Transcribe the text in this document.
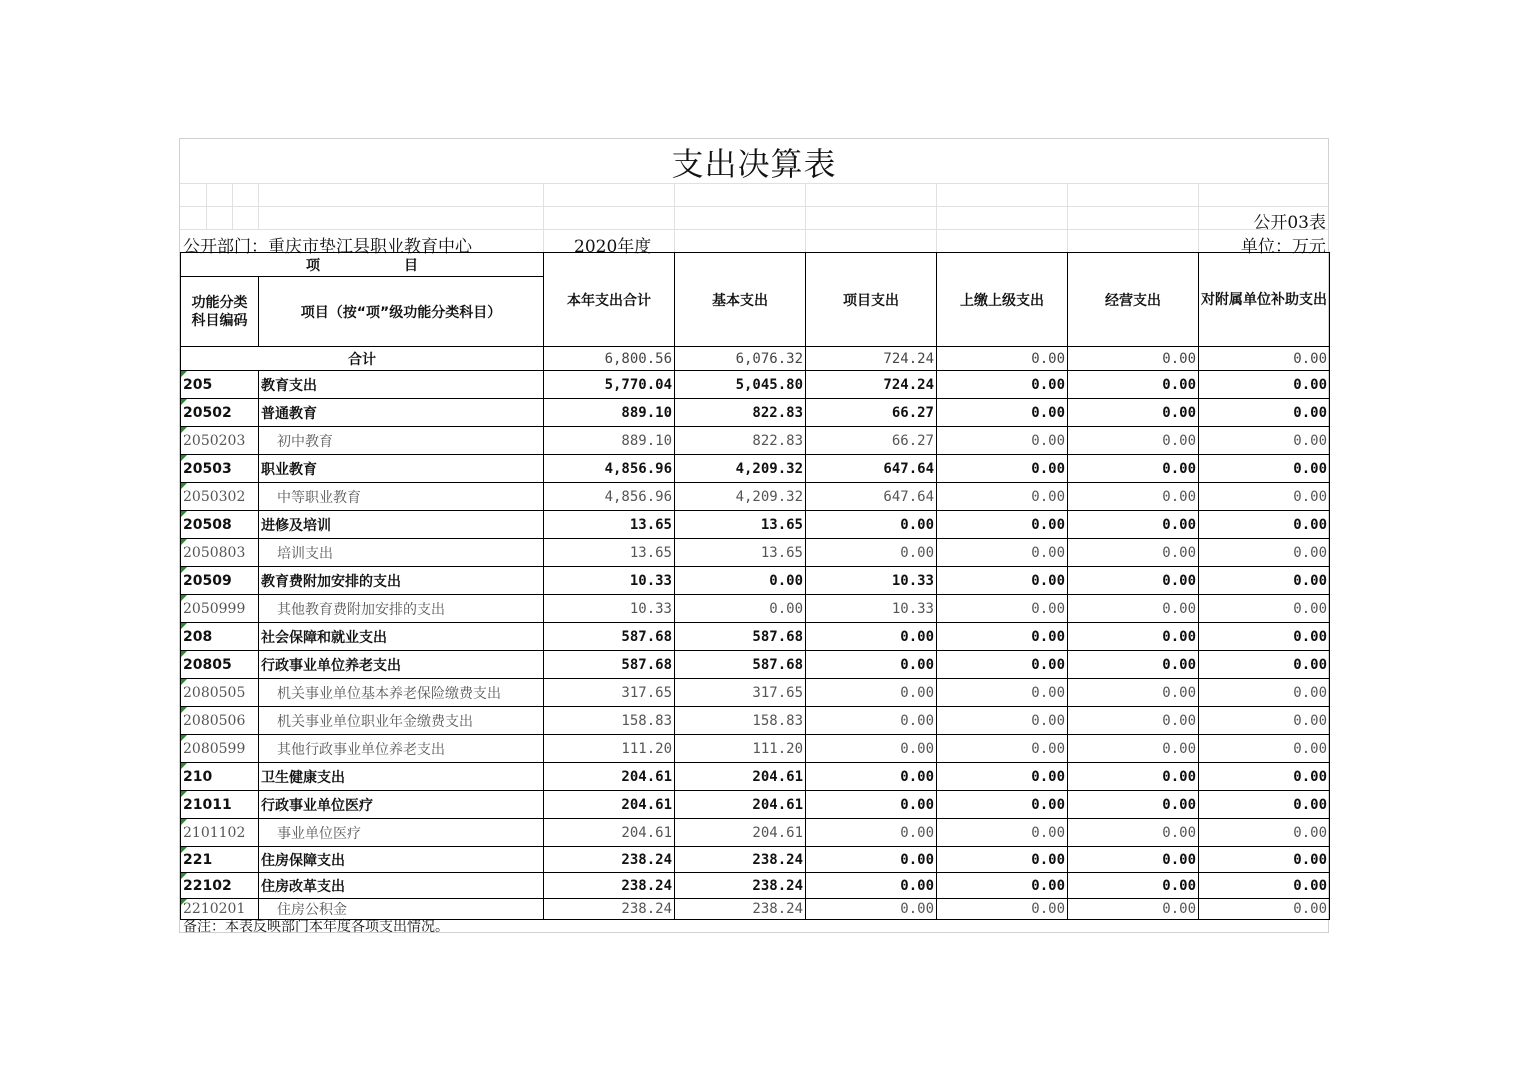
支出决算表
公开03表
公开部门：重庆市垫江县职业教育中心	2020年度	单位：万元
项　　　　　　目		本年支出合计	基本支出	项目支出	上缴上级支出	经营支出	对附属单位补助支出
功能分类科目编码	项目（按“项”级功能分类科目）						
合计		6,800.56	6,076.32	724.24	0.00	0.00	0.00

205	教育支出	5,770.04	5,045.80	724.24	0.00	0.00	0.00

20502	普通教育	889.10	822.83	66.27	0.00	0.00	0.00

2050203	初中教育	889.10	822.83	66.27	0.00	0.00	0.00

20503	职业教育	4,856.96	4,209.32	647.64	0.00	0.00	0.00

2050302	中等职业教育	4,856.96	4,209.32	647.64	0.00	0.00	0.00

20508	进修及培训	13.65	13.65	0.00	0.00	0.00	0.00

2050803	培训支出	13.65	13.65	0.00	0.00	0.00	0.00

20509	教育费附加安排的支出	10.33	0.00	10.33	0.00	0.00	0.00

2050999	其他教育费附加安排的支出	10.33	0.00	10.33	0.00	0.00	0.00

208	社会保障和就业支出	587.68	587.68	0.00	0.00	0.00	0.00

20805	行政事业单位养老支出	587.68	587.68	0.00	0.00	0.00	0.00

2080505	机关事业单位基本养老保险缴费支出	317.65	317.65	0.00	0.00	0.00	0.00

2080506	机关事业单位职业年金缴费支出	158.83	158.83	0.00	0.00	0.00	0.00

2080599	其他行政事业单位养老支出	111.20	111.20	0.00	0.00	0.00	0.00

210	卫生健康支出	204.61	204.61	0.00	0.00	0.00	0.00

21011	行政事业单位医疗	204.61	204.61	0.00	0.00	0.00	0.00

2101102	事业单位医疗	204.61	204.61	0.00	0.00	0.00	0.00

221	住房保障支出	238.24	238.24	0.00	0.00	0.00	0.00

22102	住房改革支出	238.24	238.24	0.00	0.00	0.00	0.00

2210201	住房公积金	238.24	238.24	0.00	0.00	0.00	0.00
备注：本表反映部门本年度各项支出情况。
